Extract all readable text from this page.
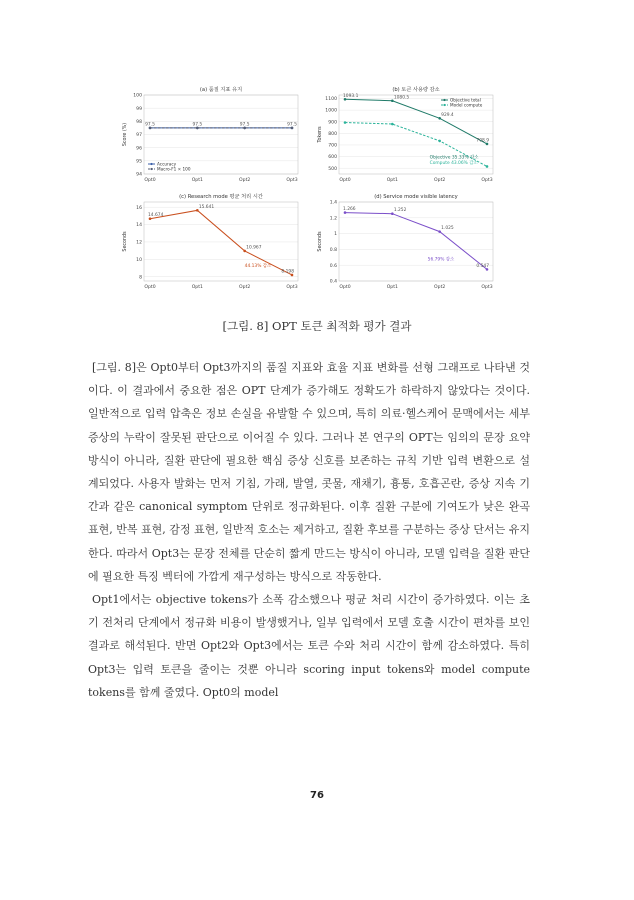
(a) 품질 지표 유지
94
95
96
97
98
99
100
Opt0	Opt1	Opt2	Opt3
Score (%)	97.5	97.5	97.5	97.5
Accuracy
Macro-F1 × 100
(b) 토큰 사용량 감소
500
600
700
800
900
1000
1100
Opt0	Opt1	Opt2	Opt3
Tokens
1093.1	1080.5
929.4
708.9
Objective total
Model compute
Objective 35.33% 감소
Compute 43.06% 감소
(c) Research mode 평균 처리 시간
8
10
12
14
16
Opt0	Opt1	Opt2	Opt3
Seconds
14.674
15.641
10.967
8.198
44.13% 감소
(d) Service mode visible latency
0.4
0.6
0.8
1
1.2
1.4
Opt0	Opt1	Opt2	Opt3
Seconds
1.266	1.252
1.025
0.547
56.79% 감소
[그림. 8] OPT 토큰 최적화 평가 결과

[그림. 8]은 Opt0부터 Opt3까지의 품질 지표와 효율 지표 변화를 선형 그래프로 나타낸 것이다. 이 결과에서 중요한 점은 OPT 단계가 증가해도 정확도가 하락하지 않았다는 것이다. 일반적으로 입력 압축은 정보 손실을 유발할 수 있으며, 특히 의료·헬스케어 문맥에서는 세부 증상의 누락이 잘못된 판단으로 이어질 수 있다. 그러나 본 연구의 OPT는 임의의 문장 요약 방식이 아니라, 질환 판단에 필요한 핵심 증상 신호를 보존하는 규칙 기반 입력 변환으로 설계되었다. 사용자 발화는 먼저 기침, 가래, 발열, 콧물, 재채기, 흉통, 호흡곤란, 증상 지속 기간과 같은 canonical symptom 단위로 정규화된다. 이후 질환 구분에 기여도가 낮은 완곡 표현, 반복 표현, 감정 표현, 일반적 호소는 제거하고, 질환 후보를 구분하는 증상 단서는 유지한다. 따라서 Opt3는 문장 전체를 단순히 짧게 만드는 방식이 아니라, 모델 입력을 질환 판단에 필요한 특징 벡터에 가깝게 재구성하는 방식으로 작동한다.

Opt1에서는 objective tokens가 소폭 감소했으나 평균 처리 시간이 증가하였다. 이는 초기 전처리 단계에서 정규화 비용이 발생했거나, 일부 입력에서 모델 호출 시간이 편차를 보인 결과로 해석된다. 반면 Opt2와 Opt3에서는 토큰 수와 처리 시간이 함께 감소하였다. 특히 Opt3는 입력 토큰을 줄이는 것뿐 아니라 scoring input tokens와 model compute tokens를 함께 줄였다. Opt0의 model

76
